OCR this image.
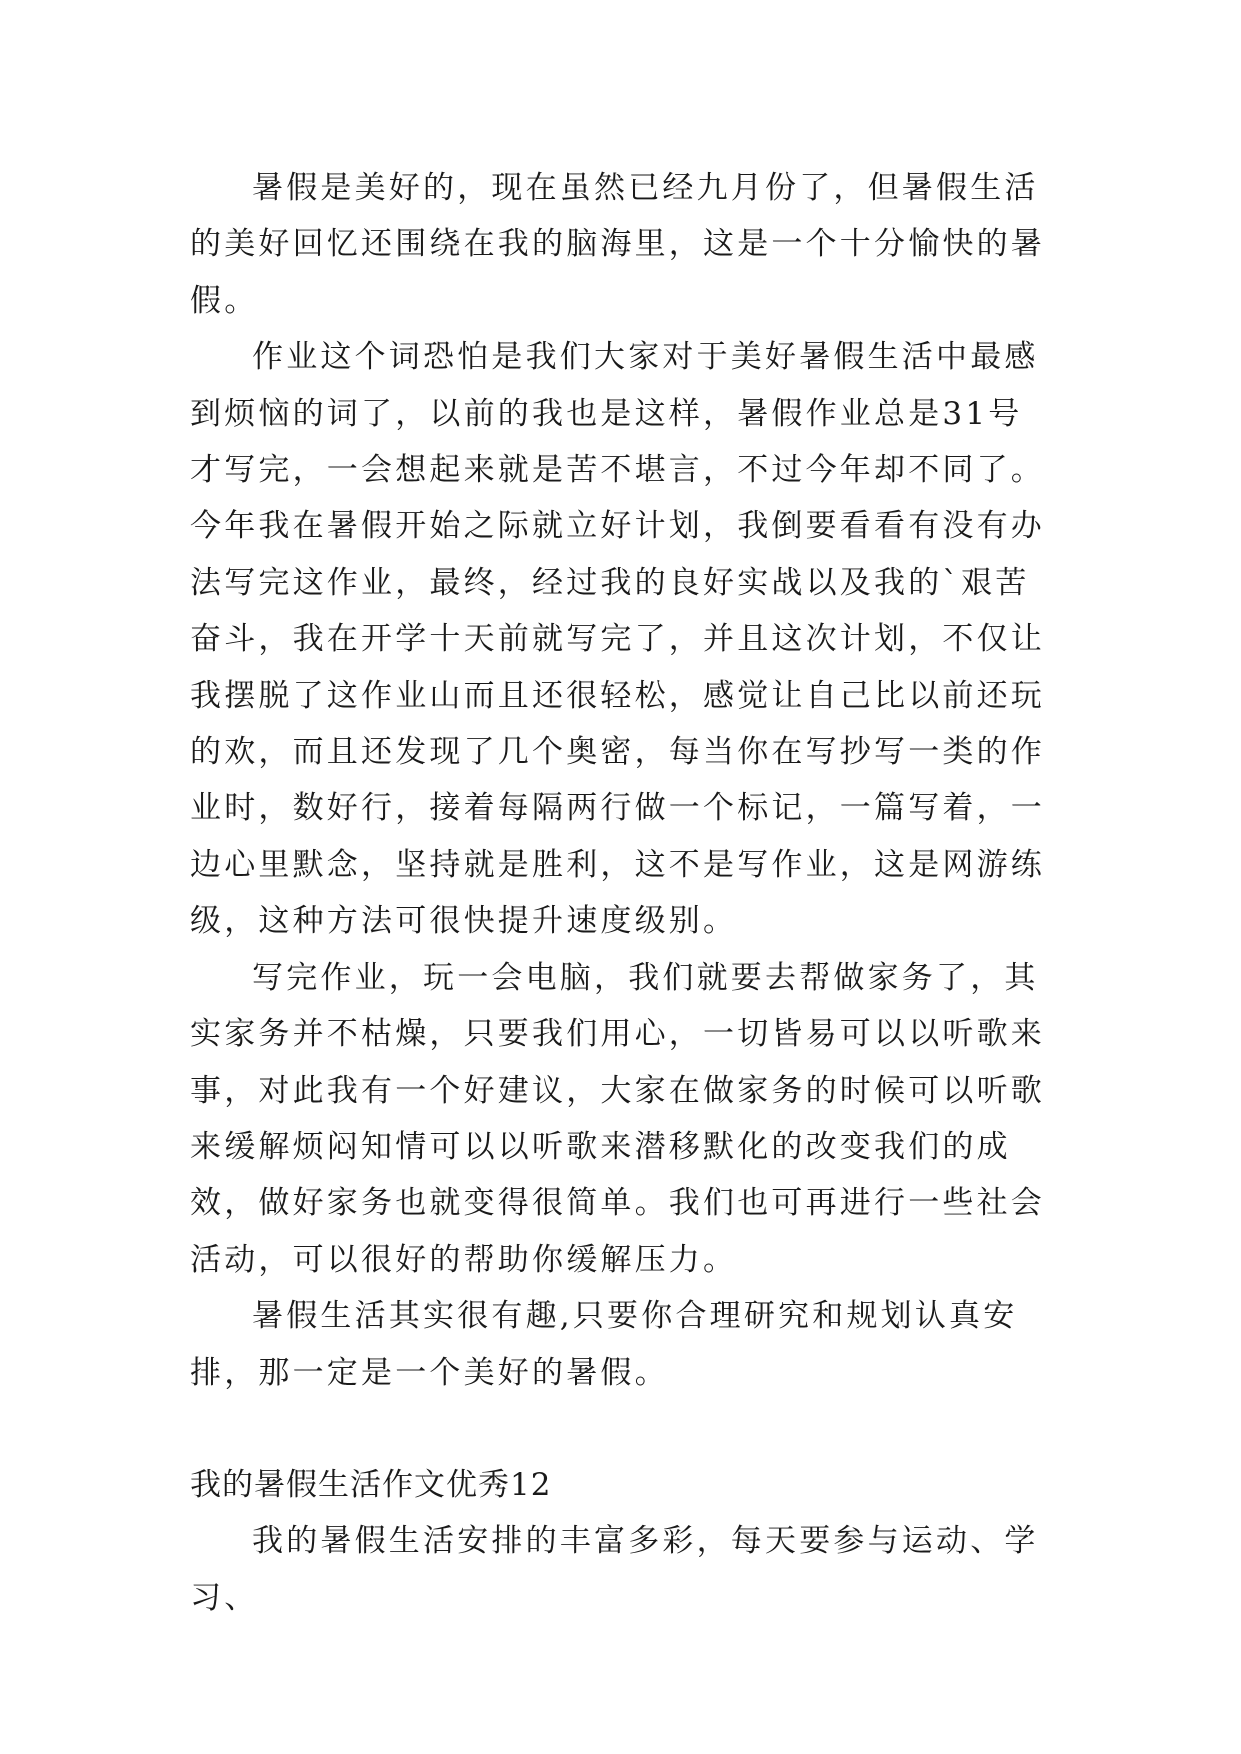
暑假是美好的，现在虽然已经九月份了，但暑假生活的美好回忆还围绕在我的脑海里，这是一个十分愉快的暑假。

作业这个词恐怕是我们大家对于美好暑假生活中最感到烦恼的词了，以前的我也是这样，暑假作业总是31号才写完，一会想起来就是苦不堪言，不过今年却不同了。今年我在暑假开始之际就立好计划，我倒要看看有没有办法写完这作业，最终，经过我的良好实战以及我的`艰苦奋斗，我在开学十天前就写完了，并且这次计划，不仅让我摆脱了这作业山而且还很轻松，感觉让自己比以前还玩的欢，而且还发现了几个奥密，每当你在写抄写一类的作业时，数好行，接着每隔两行做一个标记，一篇写着，一边心里默念，坚持就是胜利，这不是写作业，这是网游练级，这种方法可很快提升速度级别。

写完作业，玩一会电脑，我们就要去帮做家务了，其实家务并不枯燥，只要我们用心，一切皆易可以以听歌来事，对此我有一个好建议，大家在做家务的时候可以听歌来缓解烦闷知情可以以听歌来潜移默化的改变我们的成效，做好家务也就变得很简单。我们也可再进行一些社会活动，可以很好的帮助你缓解压力。

暑假生活其实很有趣,只要你合理研究和规划认真安排，那一定是一个美好的暑假。

我的暑假生活作文优秀12

我的暑假生活安排的丰富多彩，每天要参与运动、学习、
